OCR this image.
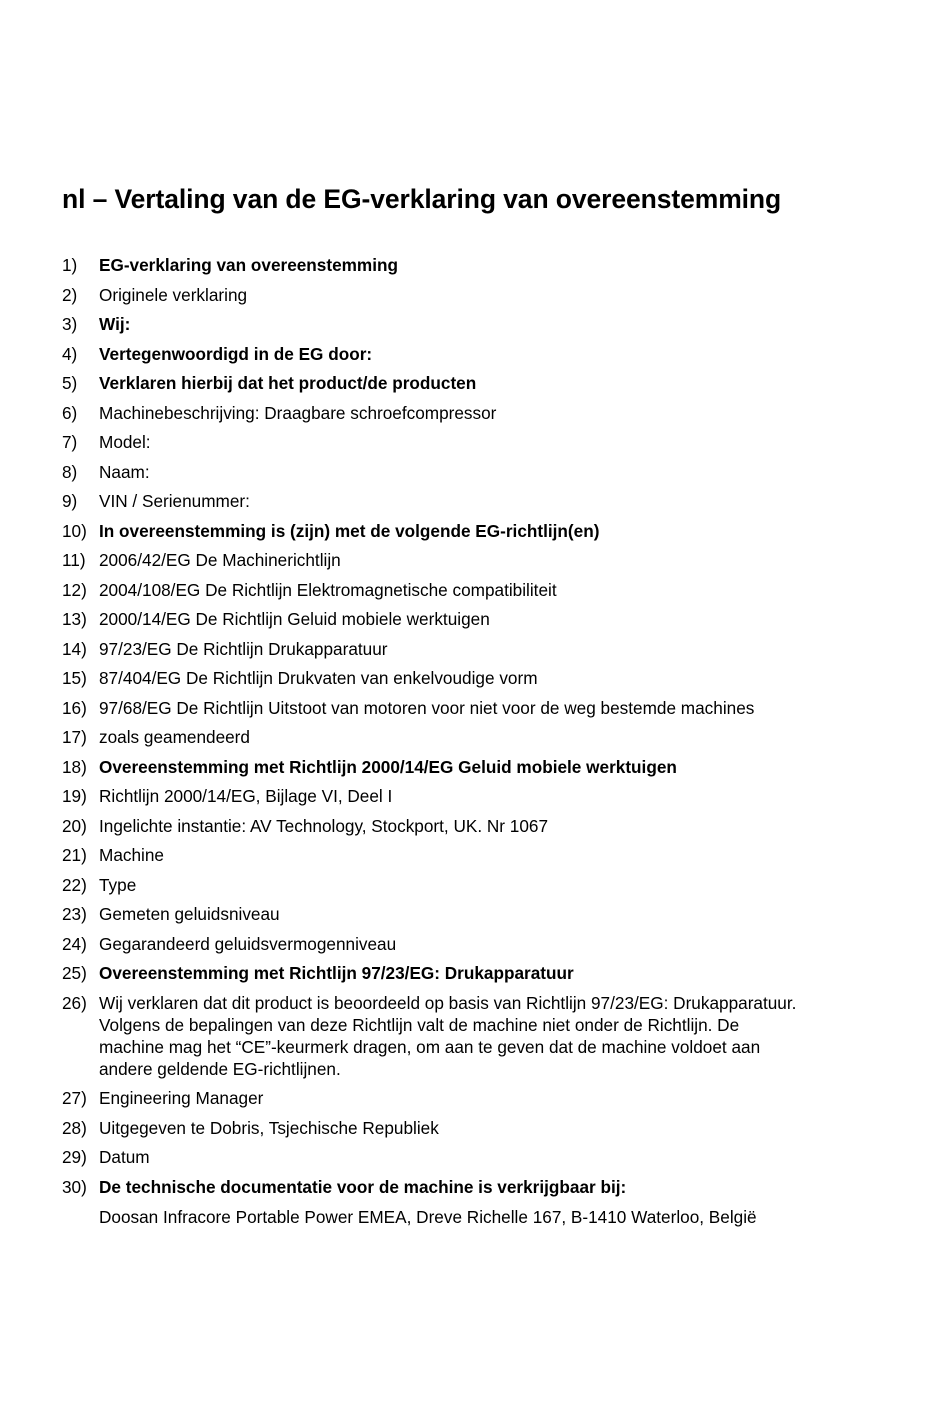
nl – Vertaling van de EG-verklaring van overeenstemming
1)	EG-verklaring van overeenstemming
2)	Originele verklaring
3)	Wij:
4)	Vertegenwoordigd in de EG door:
5)	Verklaren hierbij dat het product/de producten
6)	Machinebeschrijving: Draagbare schroefcompressor
7)	Model:
8)	Naam:
9)	VIN / Serienummer:
10) In overeenstemming is (zijn) met de volgende EG-richtlijn(en)
11) 2006/42/EG De Machinerichtlijn
12) 2004/108/EG De Richtlijn Elektromagnetische compatibiliteit
13) 2000/14/EG De Richtlijn Geluid mobiele werktuigen
14) 97/23/EG De Richtlijn Drukapparatuur
15) 87/404/EG De Richtlijn Drukvaten van enkelvoudige vorm
16) 97/68/EG De Richtlijn Uitstoot van motoren voor niet voor de weg bestemde machines
17) zoals geamendeerd
18) Overeenstemming met Richtlijn 2000/14/EG Geluid mobiele werktuigen
19) Richtlijn 2000/14/EG, Bijlage VI, Deel I
20) Ingelichte instantie: AV Technology, Stockport, UK. Nr 1067
21) Machine
22) Type
23) Gemeten geluidsniveau
24) Gegarandeerd geluidsvermogenniveau
25) Overeenstemming met Richtlijn 97/23/EG: Drukapparatuur
26) Wij verklaren dat dit product is beoordeeld op basis van Richtlijn 97/23/EG: Drukapparatuur.
Volgens de bepalingen van deze Richtlijn valt de machine niet onder de Richtlijn. De
machine mag het “CE”-keurmerk dragen, om aan te geven dat de machine voldoet aan
andere geldende EG-richtlijnen.
27) Engineering Manager
28) Uitgegeven te Dobris, Tsjechische Republiek
29) Datum
30) De technische documentatie voor de machine is verkrijgbaar bij:

Doosan Infracore Portable Power EMEA, Dreve Richelle 167, B-1410 Waterloo, België
